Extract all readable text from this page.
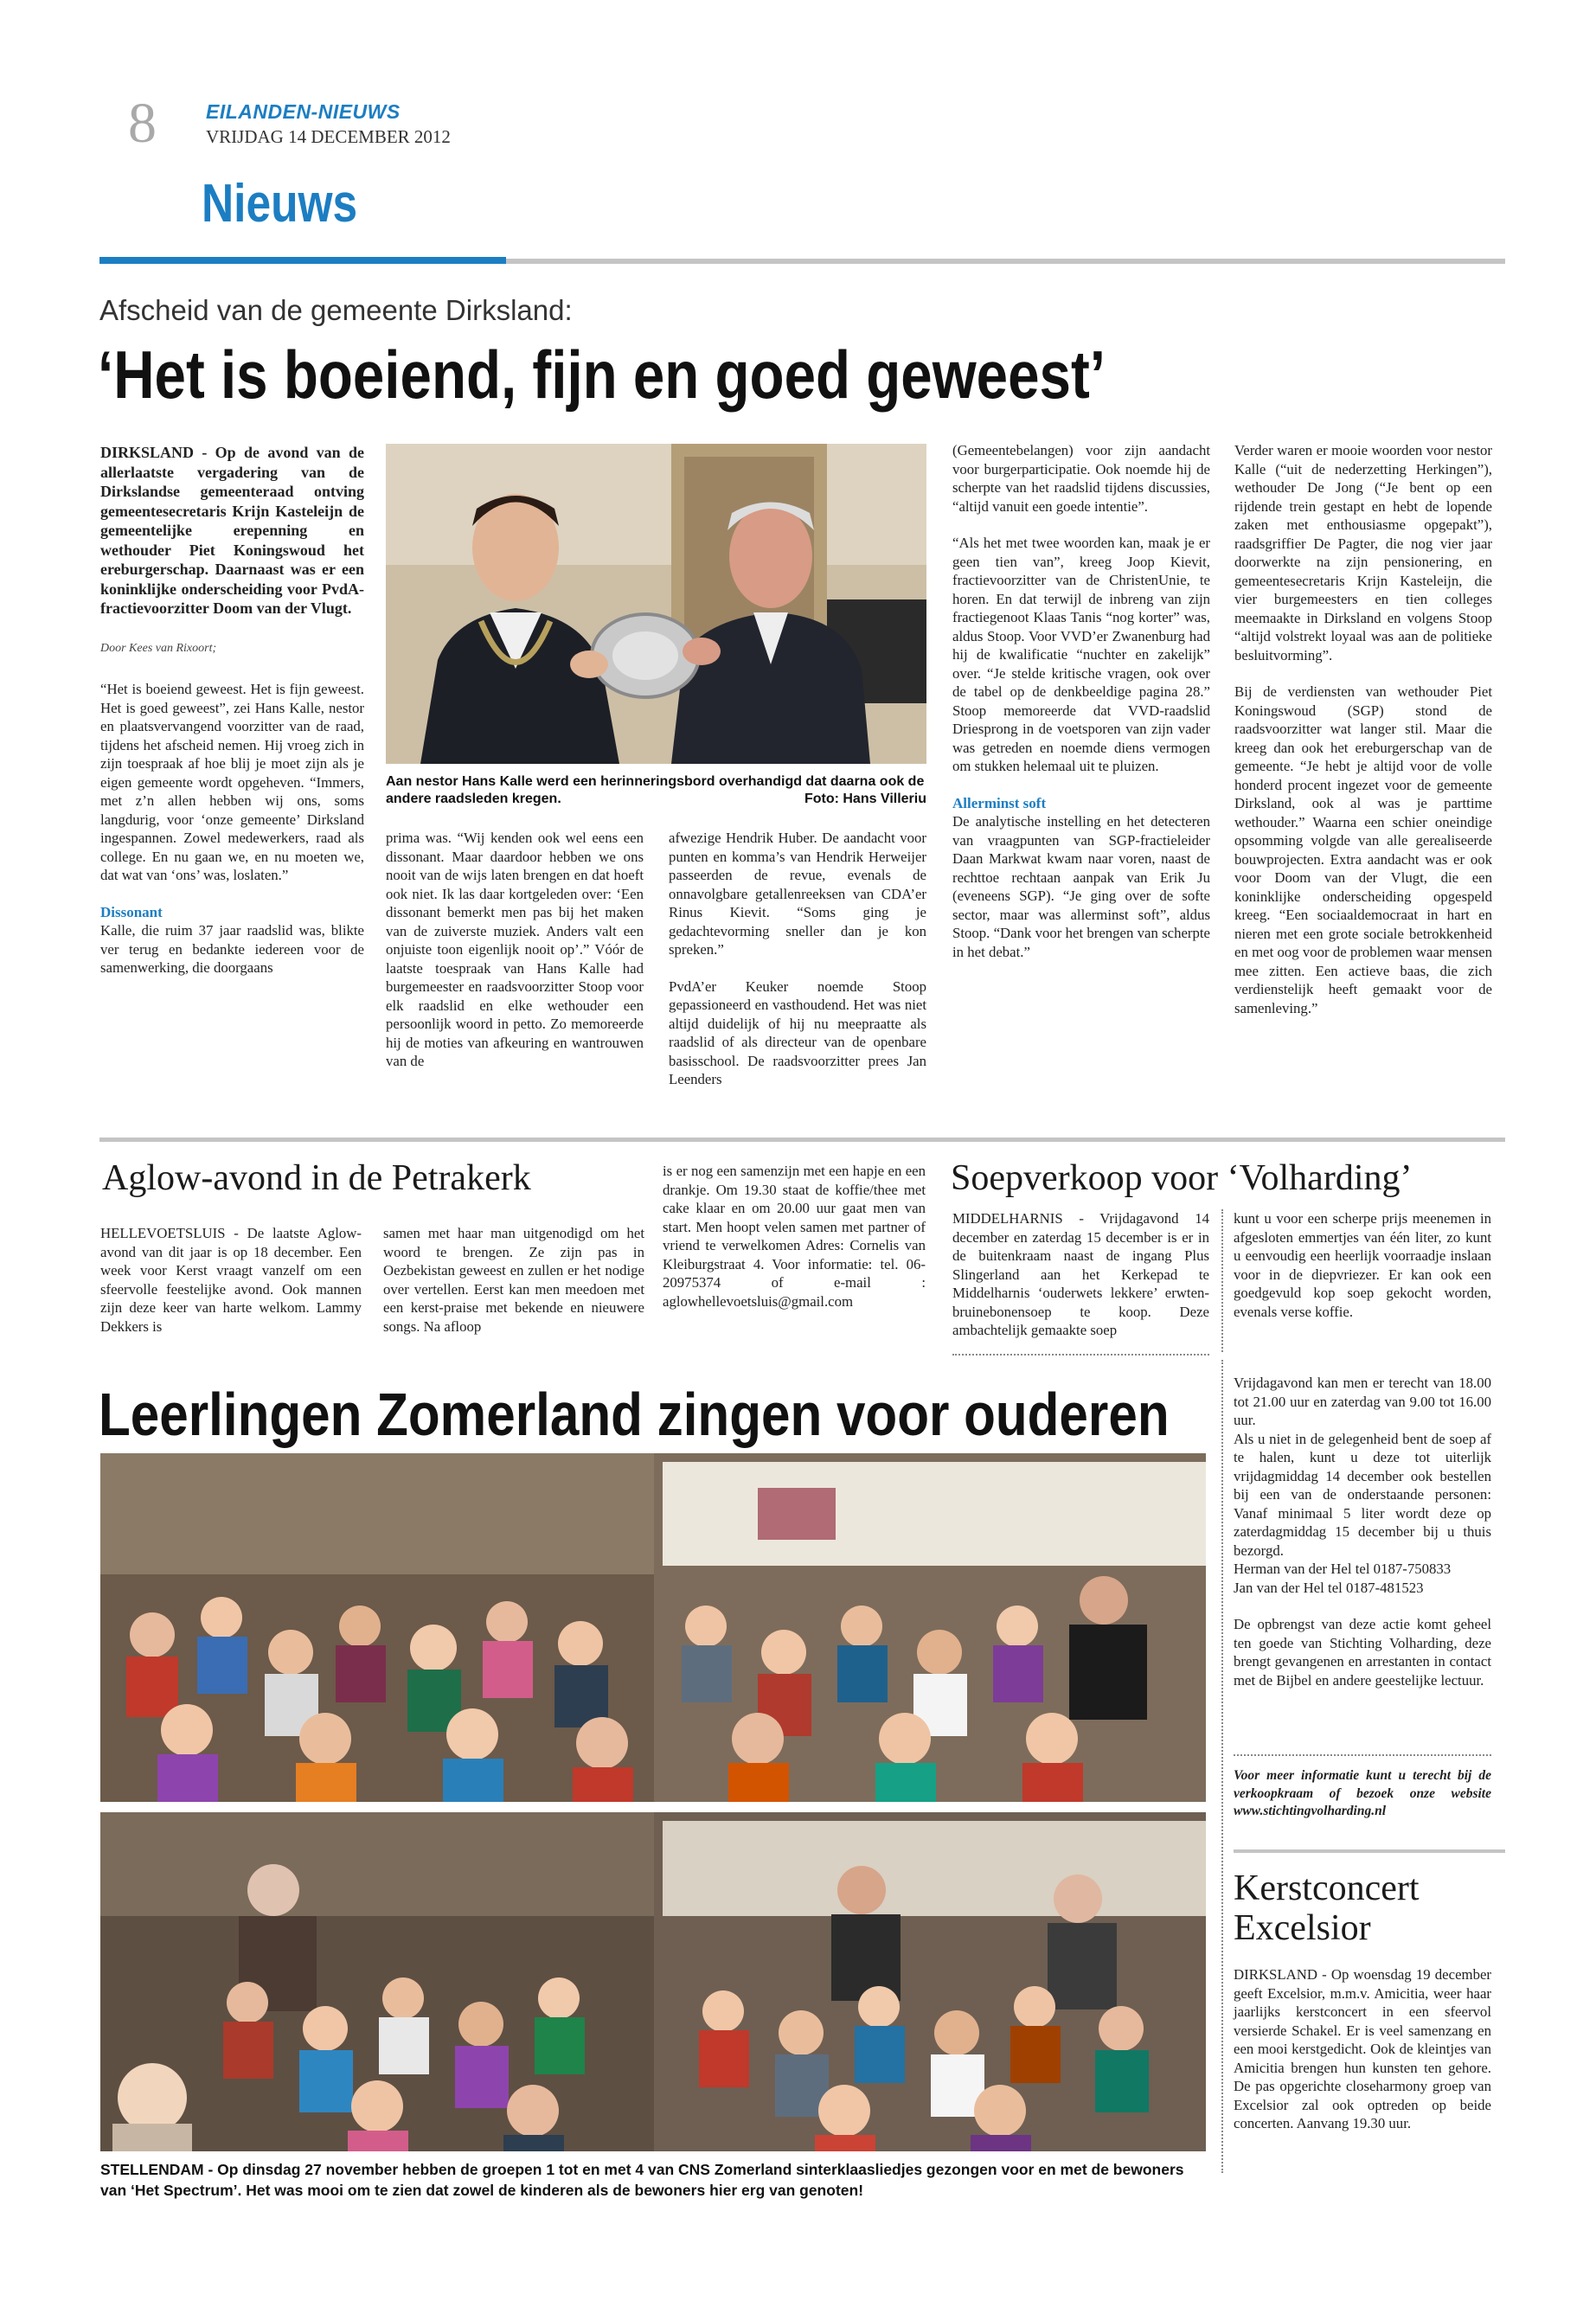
8 EILANDEN-NIEUWS
VRIJDAG 14 DECEMBER 2012
Nieuws
Afscheid van de gemeente Dirksland:
‘Het is boeiend, fijn en goed geweest’

DIRKSLAND - Op de avond van de allerlaatste vergadering van de Dirkslandse gemeenteraad ontving gemeentesecretaris Krijn Kasteleijn de gemeentelijke erepenning en wethouder Piet Koningswoud het ereburgerschap. Daarnaast was er een koninklijke onderscheiding voor PvdA-fractievoorzitter Doom van der Vlugt.

Door Kees van Rixoort;

“Het is boeiend geweest. Het is fijn geweest. Het is goed geweest”, zei Hans Kalle, nestor en plaatsvervangend voorzitter van de raad, tijdens het afscheid nemen. Hij vroeg zich in zijn toespraak af hoe blij je moet zijn als je eigen gemeente wordt opgeheven. “Immers, met z’n allen hebben wij ons, soms langdurig, voor ‘onze gemeente’ Dirksland ingespannen. Zowel medewerkers, raad als college. En nu gaan we, en nu moeten we, dat wat van ‘ons’ was, loslaten.”

Dissonant

Kalle, die ruim 37 jaar raadslid was, blikte ver terug en bedankte iedereen voor de samenwerking, die doorgaans

Aan nestor Hans Kalle werd een herinneringsbord overhandigd dat daarna ook de andere raadsleden kregen.	Foto: Hans Villeriu

prima was. “Wij kenden ook wel eens een dissonant. Maar daardoor hebben we ons nooit van de wijs laten brengen en dat hoeft ook niet. Ik las daar kortgeleden over: ‘Een dissonant bemerkt men pas bij het maken van de zuiverste muziek. Anders valt een onjuiste toon eigenlijk nooit op’.” Vóór de laatste toespraak van Hans Kalle had burgemeester en raadsvoorzitter Stoop voor elk raadslid en elke wethouder een persoonlijk woord in petto. Zo memoreerde hij de moties van afkeuring en wantrouwen van de

afwezige Hendrik Huber. De aandacht voor punten en komma’s van Hendrik Herweijer passeerden de revue, evenals de onnavolgbare getallenreeksen van CDA’er Rinus Kievit. “Soms ging je gedachtevorming sneller dan je kon spreken.”

PvdA’er Keuker noemde Stoop gepassioneerd en vasthoudend. Het was niet altijd duidelijk of hij nu meepraatte als raadslid of als directeur van de openbare basisschool. De raadsvoorzitter prees Jan Leenders

(Gemeentebelangen) voor zijn aandacht voor burgerparticipatie. Ook noemde hij de scherpte van het raadslid tijdens discussies, “altijd vanuit een goede intentie”.

“Als het met twee woorden kan, maak je er geen tien van”, kreeg Joop Kievit, fractievoorzitter van de ChristenUnie, te horen. En dat terwijl de inbreng van zijn fractiegenoot Klaas Tanis “nog korter” was, aldus Stoop. Voor VVD’er Zwanenburg had hij de kwalificatie “nuchter en zakelijk” over. “Je stelde kritische vragen, ook over de tabel op de denkbeeldige pagina 28.” Stoop memoreerde dat VVD-raadslid Driesprong in de voetsporen van zijn vader was getreden en noemde diens vermogen om stukken helemaal uit te pluizen.

Allerminst soft

De analytische instelling en het detecteren van vraagpunten van SGP-fractieleider Daan Markwat kwam naar voren, naast de rechttoe rechtaan aanpak van Erik Ju (eveneens SGP). “Je ging over de softe sector, maar was allerminst soft”, aldus Stoop. “Dank voor het brengen van scherpte in het debat.”

Verder waren er mooie woorden voor nestor Kalle (“uit de nederzetting Herkingen”), wethouder De Jong (“Je bent op een rijdende trein gestapt en hebt de lopende zaken met enthousiasme opgepakt”), raadsgriffier De Pagter, die nog vier jaar doorwerkte na zijn pensionering, en gemeentesecretaris Krijn Kasteleijn, die vier burgemeesters en tien colleges meemaakte in Dirksland en volgens Stoop “altijd volstrekt loyaal was aan de politieke besluitvorming”.

Bij de verdiensten van wethouder Piet Koningswoud (SGP) stond de raadsvoorzitter wat langer stil. Maar die kreeg dan ook het ereburgerschap van de gemeente. “Je hebt je altijd voor de volle honderd procent ingezet voor de gemeente Dirksland, ook al was je parttime wethouder.” Waarna een schier oneindige opsomming volgde van alle gerealiseerde bouwprojecten. Extra aandacht was er ook voor Doom van der Vlugt, die een koninklijke onderscheiding opgespeld kreeg. “Een sociaaldemocraat in hart en nieren met een grote sociale betrokkenheid en met oog voor de problemen waar mensen mee zitten. Een actieve baas, die zich verdienstelijk heeft gemaakt voor de samenleving.”

Aglow-avond in de Petrakerk

HELLEVOETSLUIS - De laatste Aglow-avond van dit jaar is op 18 december. Een week voor Kerst vraagt vanzelf om een sfeervolle feestelijke avond. Ook mannen zijn deze keer van harte welkom. Lammy Dekkers is

samen met haar man uitgenodigd om het woord te brengen. Ze zijn pas in Oezbekistan geweest en zullen er het nodige over vertellen. Eerst kan men meedoen met een kerst-praise met bekende en nieuwere songs. Na afloop

is er nog een samenzijn met een hapje en een drankje. Om 19.30 staat de koffie/thee met cake klaar en om 20.00 uur gaat men van start. Men hoopt velen samen met partner of vriend te verwelkomen Adres: Cornelis van Kleiburgstraat 4. Voor informatie: tel. 06-20975374 of e-mail : aglowhellevoetsluis@gmail.com

Soepverkoop voor ‘Volharding’

MIDDELHARNIS - Vrijdagavond 14 december en zaterdag 15 december is er in de buitenkraam naast de ingang Plus Slingerland aan het Kerkepad te Middelharnis ‘ouderwets lekkere’ erwten- bruinebonensoep te koop. Deze ambachtelijk gemaakte soep

kunt u voor een scherpe prijs meenemen in afgesloten emmertjes van één liter, zo kunt u eenvoudig een heerlijk voorraadje inslaan voor in de diepvriezer. Er kan ook een goedgevuld kop soep gekocht worden, evenals verse koffie.

Vrijdagavond kan men er terecht van 18.00 tot 21.00 uur en zaterdag van 9.00 tot 16.00 uur.

Als u niet in de gelegenheid bent de soep af te halen, kunt u deze tot uiterlijk vrijdagmiddag 14 december ook bestellen bij een van de onderstaande personen: Vanaf minimaal 5 liter wordt deze op zaterdagmiddag 15 december bij u thuis bezorgd.

Herman van der Hel tel 0187-750833

Jan van der Hel tel 0187-481523

De opbrengst van deze actie komt geheel ten goede van Stichting Volharding, deze brengt gevangenen en arrestanten in contact met de Bijbel en andere geestelijke lectuur.

Voor meer informatie kunt u terecht bij de verkoopkraam of bezoek onze website www.stichtingvolharding.nl
Kerstconcert
Excelsior

DIRKSLAND - Op woensdag 19 december geeft Excelsior, m.m.v. Amicitia, weer haar jaarlijks kerstconcert in een sfeervol versierde Schakel. Er is veel samenzang en een mooi kerstgedicht. Ook de kleintjes van Amicitia brengen hun kunsten ten gehore. De pas opgerichte closeharmony groep van Excelsior zal ook optreden op beide concerten. Aanvang 19.30 uur.

Leerlingen Zomerland zingen voor ouderen
STELLENDAM - Op dinsdag 27 november hebben de groepen 1 tot en met 4 van CNS Zomerland sinterklaasliedjes gezongen voor en met de bewoners van ‘Het Spectrum’. Het was mooi om te zien dat zowel de kinderen als de bewoners hier erg van genoten!
